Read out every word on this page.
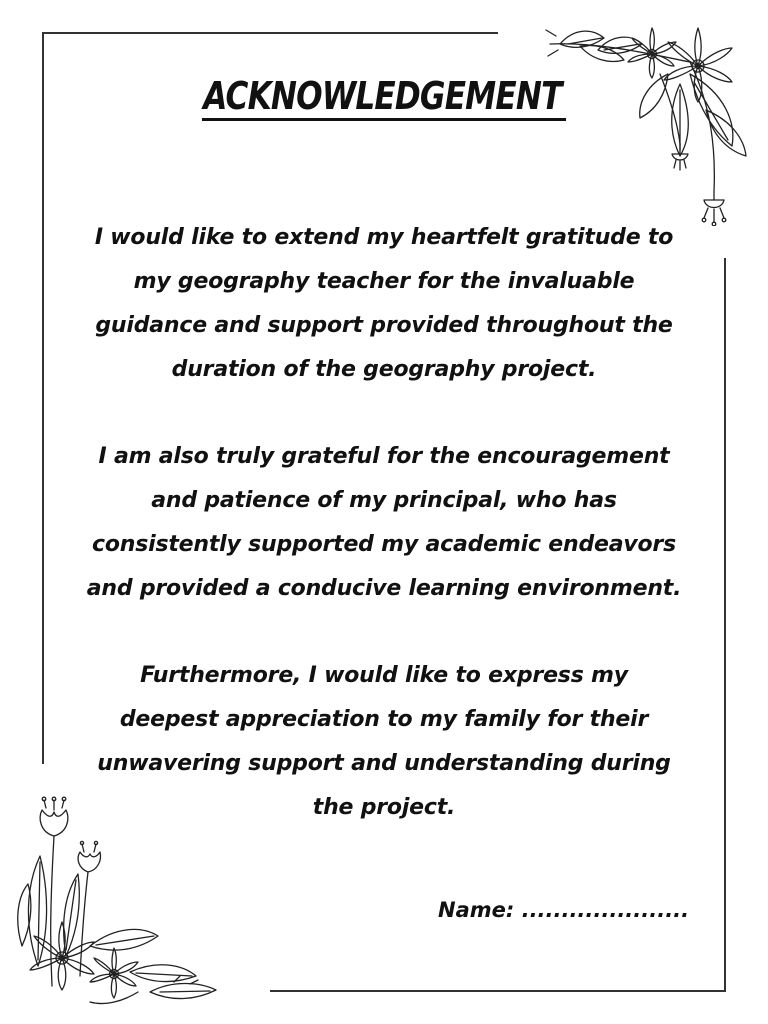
ACKNOWLEDGEMENT
I would like to extend my heartfelt gratitude to
my geography teacher for the invaluable
guidance and support provided throughout the
duration of the geography project.
I am also truly grateful for the encouragement
and patience of my principal, who has
consistently supported my academic endeavors
and provided a conducive learning environment.
Furthermore, I would like to express my
deepest appreciation to my family for their
unwavering support and understanding during
the project.
Name: .....................
